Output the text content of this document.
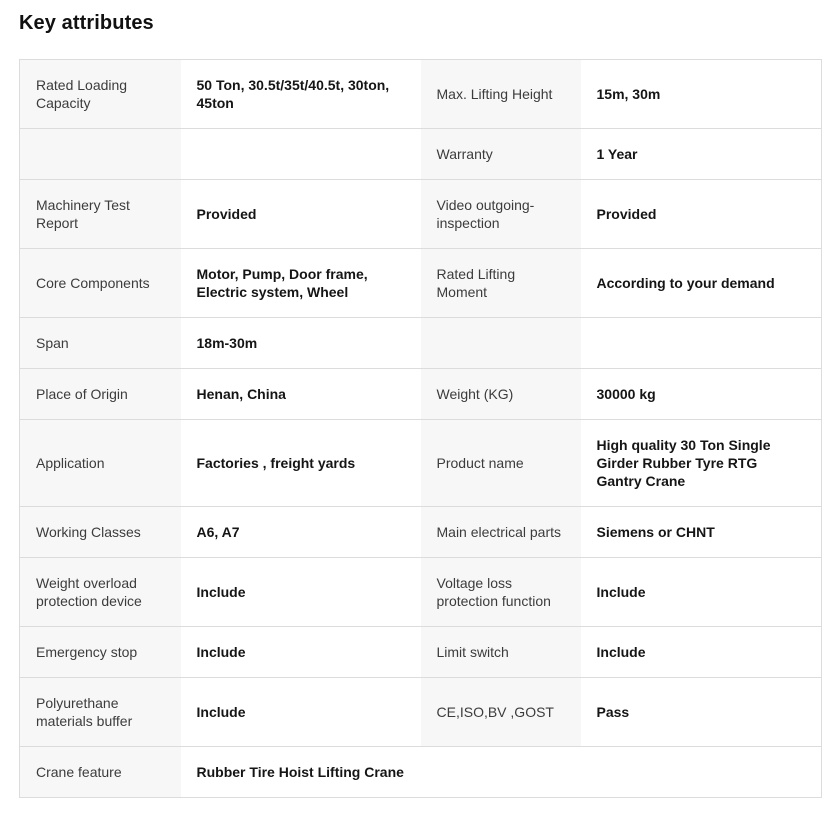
Key attributes
Rated Loading Capacity	50 Ton, 30.5t/35t/40.5t, 30ton, 45ton	Max. Lifting Height	15m, 30m
		Warranty	1 Year
Machinery Test Report	Provided	Video outgoing-inspection	Provided
Core Components	Motor, Pump, Door frame, Electric system, Wheel	Rated Lifting Moment	According to your demand
Span	18m-30m		
Place of Origin	Henan, China	Weight (KG)	30000 kg
Application	Factories , freight yards	Product name	High quality 30 Ton Single Girder Rubber Tyre RTG Gantry Crane
Working Classes	A6, A7	Main electrical parts	Siemens or CHNT
Weight overload protection device	Include	Voltage loss protection function	Include
Emergency stop	Include	Limit switch	Include
Polyurethane materials buffer	Include	CE,ISO,BV ,GOST	Pass
Crane feature	Rubber Tire Hoist Lifting Crane		
